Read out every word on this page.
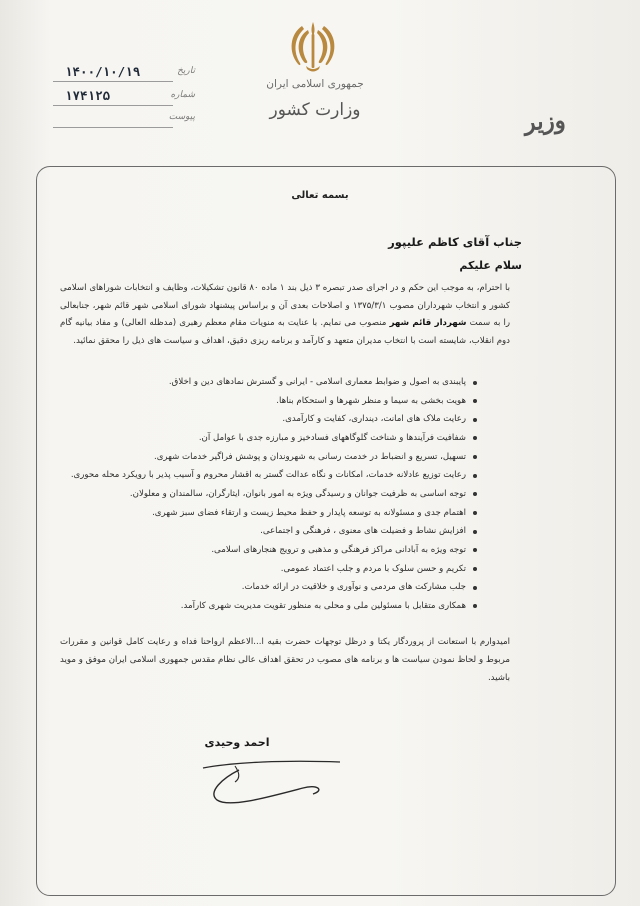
جمهوری اسلامی ایران
وزارت کشور	وزیر
تاریخ
۱۴۰۰/۱۰/۱۹
شماره
۱۷۴۱۲۵
پیوست
بسمه تعالی
جناب آقای کاظم علیپور
سلام علیکم
با احترام، به موجب این حکم و در اجرای صدر تبصره ۳ ذیل بند ۱ ماده ۸۰ قانون تشکیلات، وظایف و انتخابات شوراهای اسلامی کشور و انتخاب شهرداران مصوب ۱۳۷۵/۳/۱ و اصلاحات بعدی آن و براساس پیشنهاد شورای اسلامی شهر قائم شهر، جنابعالی را به سمت شهردار قائم شهر منصوب می نمایم. با عنایت به منویات مقام معظم رهبری (مدظله العالی) و مفاد بیانیه گام دوم انقلاب، شایسته است با انتخاب مدیران متعهد و کارآمد و برنامه ریزی دقیق، اهداف و سیاست های ذیل را محقق نمائید.
پایبندی به اصول و ضوابط معماری اسلامی - ایرانی و گسترش نمادهای دین و اخلاق.
هویت بخشی به سیما و منظر شهرها و استحکام بناها.
رعایت ملاک های امانت، دینداری، کفایت و کارآمدی.
شفافیت فرآیندها و شناخت گلوگاههای فسادخیز و مبارزه جدی با عوامل آن.
تسهیل، تسریع و انضباط در خدمت رسانی به شهروندان و پوشش فراگیر خدمات شهری.
رعایت توزیع عادلانه خدمات، امکانات و نگاه عدالت گستر به اقشار محروم و آسیب پذیر با رویکرد محله محوری.
توجه اساسی به ظرفیت جوانان و رسیدگی ویژه به امور بانوان، ایثارگران، سالمندان و معلولان.
اهتمام جدی و مسئولانه به توسعه پایدار و حفظ محیط زیست و ارتقاء فضای سبز شهری.
افزایش نشاط و فضیلت های معنوی ، فرهنگی و اجتماعی.
توجه ویژه به آبادانی مراکز فرهنگی و مذهبی و ترویج هنجارهای اسلامی.
تکریم و حسن سلوک با مردم و جلب اعتماد عمومی.
جلب مشارکت های مردمی و نوآوری و خلاقیت در ارائه خدمات.
همکاری متقابل با مسئولین ملی و محلی به منظور تقویت مدیریت شهری کارآمد.
امیدوارم با استعانت از پروردگار یکتا و درظل توجهات حضرت بقیه ا...الاعظم ارواحنا فداه و رعایت کامل قوانین و مقررات مربوط و لحاظ نمودن سیاست ها و برنامه های مصوب در تحقق اهداف عالی نظام مقدس جمهوری اسلامی ایران موفق و موید باشید.
احمد وحیدی
